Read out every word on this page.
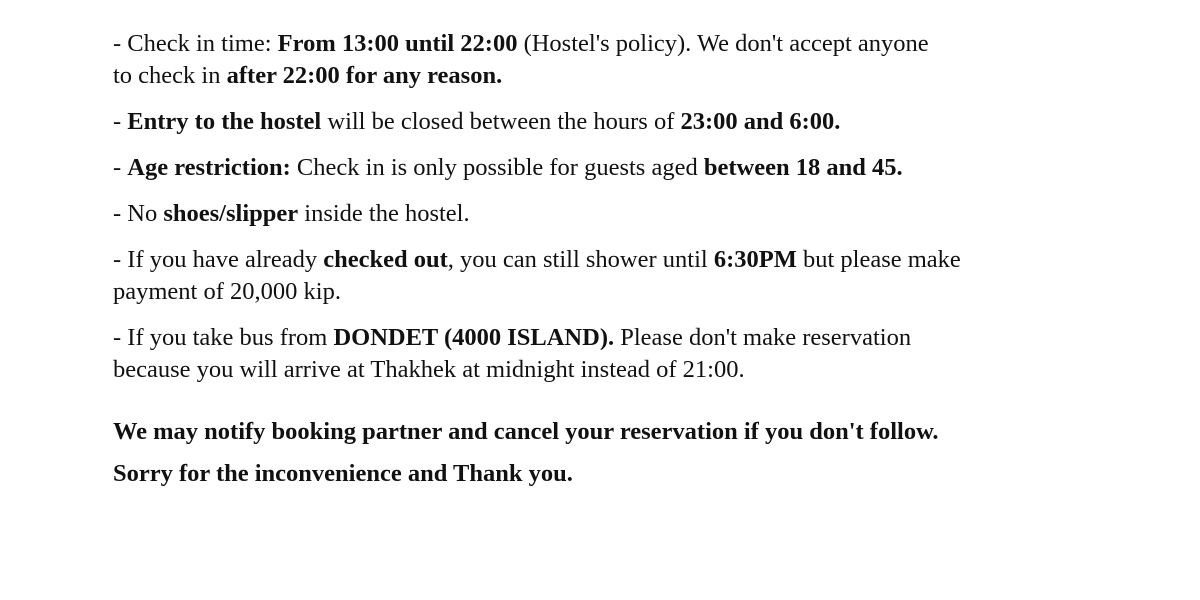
- Check in time: From 13:00 until 22:00 (Hostel's policy). We don't accept anyone
to check in after 22:00 for any reason.
- Entry to the hostel will be closed between the hours of 23:00 and 6:00.
- Age restriction: Check in is only possible for guests aged between 18 and 45.
- No shoes/slipper inside the hostel.
- If you have already checked out, you can still shower until 6:30PM but please make
payment of 20,000 kip.
- If you take bus from DONDET (4000 ISLAND). Please don't make reservation
because you will arrive at Thakhek at midnight instead of 21:00.
We may notify booking partner and cancel your reservation if you don't follow.
Sorry for the inconvenience and Thank you.
